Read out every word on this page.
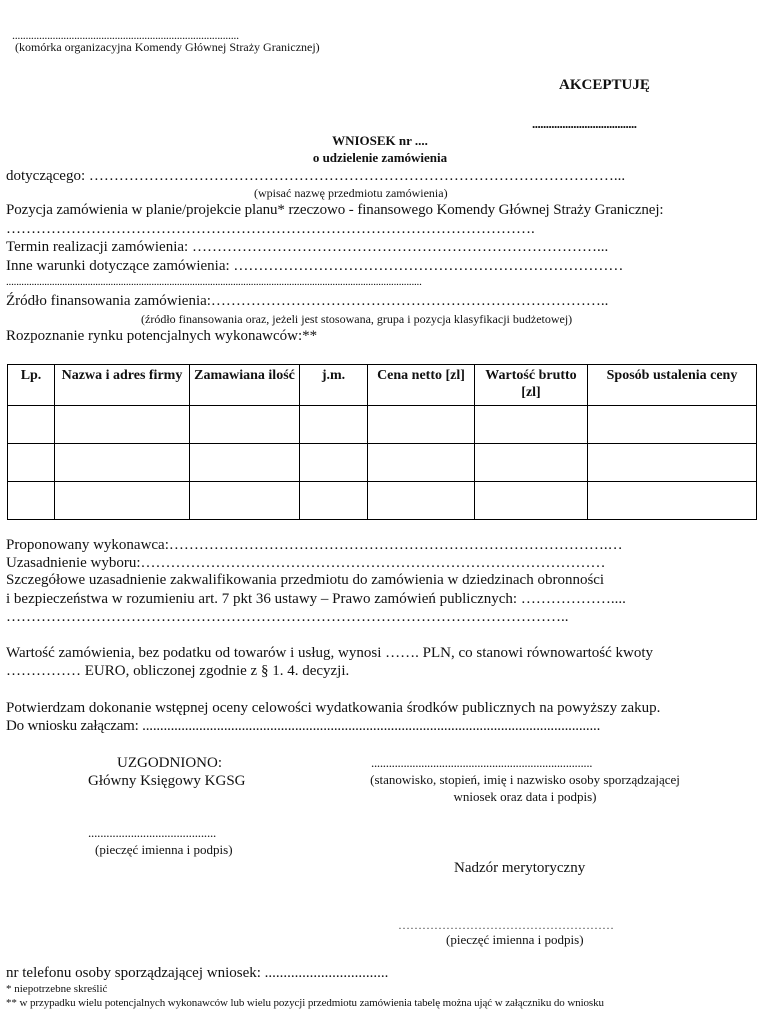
....................................................................................
(komórka organizacyjna Komendy Głównej Straży Granicznej)
AKCEPTUJĘ
......................................
WNIOSEK nr ....
o udzielenie zamówienia
dotyczącego: ……………………………………………………………………………………………...
(wpisać nazwę przedmiotu zamówienia)
Pozycja zamówienia w planie/projekcie planu* rzeczowo - finansowego Komendy Głównej Straży Granicznej:
…………………………………………………………………………………………….
Termin realizacji zamówienia: ………………………………………………………………………...
Inne warunki dotyczące zamówienia: ……………………………………………………………………
...................................................................................................................................................................
Źródło finansowania zamówienia:……………………………………………………………………..
(źródło finansowania oraz, jeżeli jest stosowana, grupa i pozycja klasyfikacji budżetowej)
Rozpoznanie rynku potencjalnych wykonawców:**
Lp.	Nazwa i adres firmy	Zamawiana ilość	j.m.	Cena netto [zl]	Wartość brutto [zl]	Sposób ustalenia ceny

Proponowany wykonawca:…………………………………………………………………………….…
Uzasadnienie wyboru:…………………………………………………………………………………
Szczegółowe uzasadnienie zakwalifikowania przedmiotu do zamówienia w dziedzinach obronności
i bezpieczeństwa w rozumieniu art. 7 pkt 36 ustawy – Prawo zamówień publicznych: ………………....
…………………………………………………………………………………………………..
Wartość zamówienia, bez podatku od towarów i usług, wynosi ……. PLN, co stanowi równowartość kwoty
…………… EURO, obliczonej zgodnie z § 1. 4. decyzji.
Potwierdzam dokonanie wstępnej oceny celowości wydatkowania środków publicznych na powyższy zakup.
Do wniosku załączam: .................................................................................................................................
UZGODNIONO:
Główny Księgowy KGSG
...........................................................................
(stanowisko, stopień, imię i nazwisko osoby sporządzającej
wniosek oraz data i podpis)
..........................................
(pieczęć imienna i podpis)
Nadzór merytoryczny
………………………………………………
(pieczęć imienna i podpis)
nr telefonu osoby sporządzającej wniosek: .................................
* niepotrzebne skreślić
** w przypadku wielu potencjalnych wykonawców lub wielu pozycji przedmiotu zamówienia tabelę można ująć w załączniku do wniosku
